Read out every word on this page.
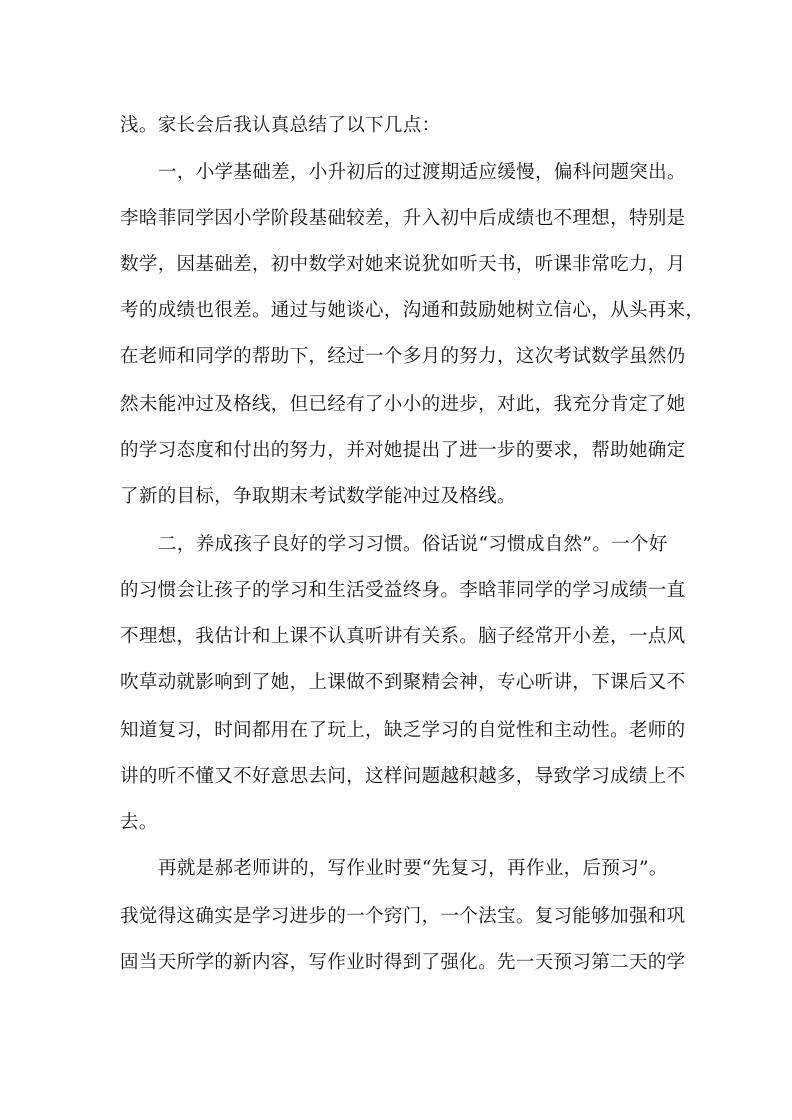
浅。家长会后我认真总结了以下几点：
一，小学基础差，小升初后的过渡期适应缓慢，偏科问题突出。
李晗菲同学因小学阶段基础较差，升入初中后成绩也不理想，特别是
数学，因基础差，初中数学对她来说犹如听天书，听课非常吃力，月
考的成绩也很差。通过与她谈心，沟通和鼓励她树立信心，从头再来，
在老师和同学的帮助下，经过一个多月的努力，这次考试数学虽然仍
然未能冲过及格线，但已经有了小小的进步，对此，我充分肯定了她
的学习态度和付出的努力，并对她提出了进一步的要求，帮助她确定
了新的目标，争取期末考试数学能冲过及格线。
二，养成孩子良好的学习习惯。俗话说“习惯成自然”。一个好
的习惯会让孩子的学习和生活受益终身。李晗菲同学的学习成绩一直
不理想，我估计和上课不认真听讲有关系。脑子经常开小差，一点风
吹草动就影响到了她，上课做不到聚精会神，专心听讲，下课后又不
知道复习，时间都用在了玩上，缺乏学习的自觉性和主动性。老师的
讲的听不懂又不好意思去问，这样问题越积越多，导致学习成绩上不
去。
再就是郝老师讲的，写作业时要“先复习，再作业，后预习”。
我觉得这确实是学习进步的一个窍门，一个法宝。复习能够加强和巩
固当天所学的新内容，写作业时得到了强化。先一天预习第二天的学
